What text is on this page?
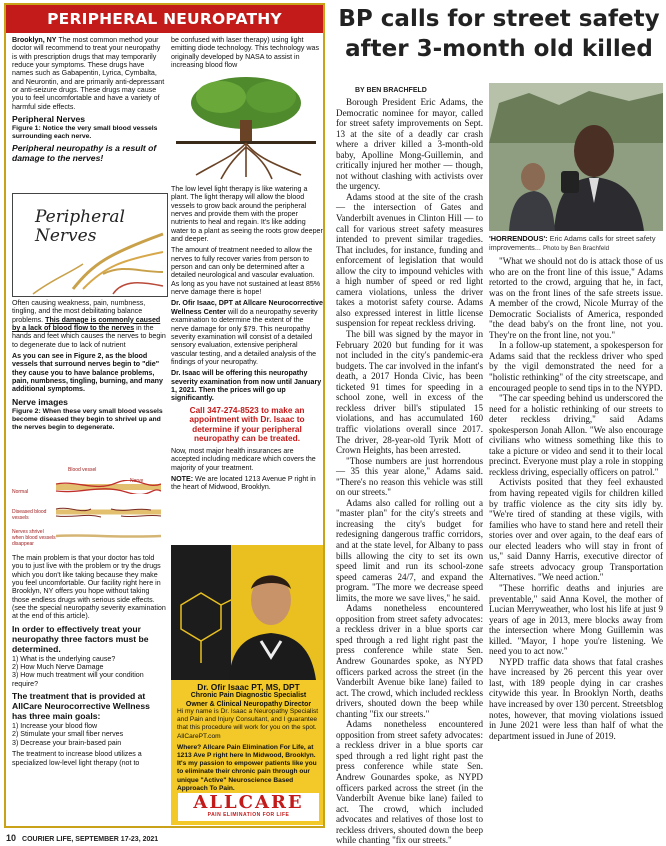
PERIPHERAL NEUROPATHY WARNING!

Brooklyn, NY The most common method your doctor will recommend to treat your neuropathy is with prescription drugs that may temporarily reduce your symptoms. These drugs have names such as Gabapentin, Lyrica, Cymbalta, and Neurontin, and are primarily anti-depressant or anti-seizure drugs. These drugs may cause you to feel uncomfortable and have a variety of harmful side effects.

Peripheral Nerves
Figure 1: Notice the very small blood vessels surrounding each nerve.
Peripheral neuropathy is a result of damage to the nerves!
Peripheral Nerves

Often causing weakness, pain, numbness, tingling, and the most debilitating balance problems. This damage is commonly caused by a lack of blood flow to the nerves in the hands and feet which causes the nerves to begin to degenerate due to lack of nutrient

As you can see in Figure 2, as the blood vessels that surround nerves begin to "die" they cause you to have balance problems, pain, numbness, tingling, burning, and many additional symptoms.

Nerve images
Figure 2: When these very small blood vessels become diseased they begin to shrivel up and the nerves begin to degenerate.
Blood vessel
Nerve
Normal
Diseased blood vessels
Nerves shrivel when blood vessels disappear

The main problem is that your doctor has told you to just live with the problem or try the drugs which you don't like taking because they make you feel uncomfortable. Our facility right here in Brooklyn, NY offers you hope without taking those endless drugs with serious side effects. (see the special neuropathy severity examination at the end of this article).

In order to effectively treat your neuropathy three factors must be determined.
1) What is the underlying cause?
2) How Much Nerve Damage
3) How much treatment will your condition require?
The treatment that is provided at AllCare Neurocorrective Wellness has three main goals:
1) Increase your blood flow
2) Stimulate your small fiber nerves
3) Decrease your brain-based pain

The treatment to increase blood utilizes a specialized low-level light therapy (not to

be confused with laser therapy) using light emitting diode technology. This technology was originally developed by NASA to assist in increasing blood flow

The low level light therapy is like watering a plant. The light therapy will allow the blood vessels to grow back around the peripheral nerves and provide them with the proper nutrients to heal and regain. It's like adding water to a plant as seeing the roots grow deeper and deeper.

The amount of treatment needed to allow the nerves to fully recover varies from person to person and can only be determined after a detailed neurological and vascular evaluation. As long as you have not sustained at least 85% nerve damage there is hope!

Dr. Ofir Isaac, DPT at Allcare Neurocorrective Wellness Center will do a neuropathy severity examination to determine the extent of the nerve damage for only $79. This neuropathy severity examination will consist of a detailed sensory evaluation, extensive peripheral vascular testing, and a detailed analysis of the findings of your neuropathy.

Dr. Isaac will be offering this neuropathy severity examination from now until January 1, 2021. Then the prices will go up significantly.

Call 347-274-8523 to make an appointment with Dr. Isaac to determine if your peripheral neuropathy can be treated.

Now, most major health insurances are accepted including medicare which covers the majority of your treatment.

NOTE: We are located 1213 Avenue P right in the heart of Midwood, Brooklyn.

Dr. Ofir Isaac PT, MS, DPT
Chronic Pain Diagnostic Specialist
Owner & Clinical Neuropathy Director

Hi my name is Dr. Isaac a Neuropathy Specialist and Pain and Injury Consultant, and I guarantee that this procedure will work for you on the spot. AllCarePT.com

Where? Allcare Pain Elimination For Life, at 1213 Ave P right here In Midwood, Brooklyn. It's my passion to empower patients like you to eliminate their chronic pain through our unique "Active" Neuroscience Based Approach To Pain.

ALLCARE
PAIN ELIMINATION FOR LIFE
BP calls for street safety after 3-month old killed
BY BEN BRACHFELD

Borough President Eric Adams, the Democratic nominee for mayor, called for street safety improvements on Sept. 13 at the site of a deadly car crash where a driver killed a 3-month-old baby, Apolline Mong-Guillemin, and critically injured her mother — though, not without clashing with activists over the urgency.

Adams stood at the site of the crash — the intersection of Gates and Vanderbilt avenues in Clinton Hill — to call for various street safety measures intended to prevent similar tragedies. That includes, for instance, funding and enforcement of legislation that would allow the city to impound vehicles with a high number of speed or red light camera violations, unless the driver takes a motorist safety course. Adams also expressed interest in little license suspension for repeat reckless driving.

The bill was signed by the mayor in February 2020 but funding for it was not included in the city's pandemic-era budgets. The car involved in the infant's death, a 2017 Honda Civic, has been ticketed 91 times for speeding in a school zone, well in excess of the reckless driver bill's stipulated 15 violations, and has accumulated 160 traffic violations overall since 2017. The driver, 28-year-old Tyrik Mott of Crown Heights, has been arrested.

"Those numbers are just horrendous — 35 this year alone," Adams said. "There's no reason this vehicle was still on our streets."

Adams also called for rolling out a "master plan" for the city's streets and increasing the city's budget for redesigning dangerous traffic corridors, and at the state level, for Albany to pass bills allowing the city to set its own speed limit and run its school-zone speed cameras 24/7, and expand the program. "The more we decrease speed limits, the more we save lives," he said.

Adams nonetheless encountered opposition from street safety advocates: a reckless driver in a blue sports car sped through a red light right past the press conference while state Sen. Andrew Gounardes spoke, as NYPD officers parked across the street (in the Vanderbilt Avenue bike lane) failed to act. The crowd, which included reckless drivers, shouted down the beep while chanting "fix our streets."

Adams nonetheless encountered opposition from street safety advocates: a reckless driver in a blue sports car sped through a red light right past the press conference while state Sen. Andrew Gounardes spoke, as NYPD officers parked across the street (in the Vanderbilt Avenue bike lane) failed to act. The crowd, which included advocates and relatives of those lost to reckless drivers, shouted down the beep while chanting "fix our streets."

'HORRENDOUS': Eric Adams calls for street safety improvements... Photo by Ben Brachfeld

"What we should not do is attack those of us who are on the front line of this issue," Adams retorted to the crowd, arguing that he, in fact, was on the front lines of the safe streets issue. A member of the crowd, Nicole Murray of the Democratic Socialists of America, responded "the dead baby's on the front line, not you. They're on the front line, not you."

In a follow-up statement, a spokesperson for Adams said that the reckless driver who sped by the vigil demonstrated the need for a "holistic rethinking" of the city streetscape, and encouraged people to send tips in to the NYPD.

"The car speeding behind us underscored the need for a holistic rethinking of our streets to deter reckless driving," said Adams spokesperson Jonah Allon. "We also encourage civilians who witness something like this to take a picture or video and send it to their local precinct. Everyone must play a role in stopping reckless driving, especially officers on patrol."

Activists posited that they feel exhausted from having repeated vigils for children killed by traffic violence as the city sits idly by. "We're tired of standing at these vigils, with families who have to stand here and retell their stories over and over again, to the deaf ears of our elected leaders who will stay in front of us," said Danny Harris, executive director of safe streets advocacy group Transportation Alternatives. "We need action."

"These horrific deaths and injuries are preventable," said Anna Kovel, the mother of Lucian Merryweather, who lost his life at just 9 years of age in 2013, mere blocks away from the intersection where Mong Guillemin was killed. "Mayor, I hope you're listening. We need you to act now."

NYPD traffic data shows that fatal crashes have increased by 26 percent this year over last, with 189 people dying in car crashes citywide this year. In Brooklyn North, deaths have increased by over 130 percent. Streetsblog notes, however, that moving violations issued in June 2021 were less than half of what the department issued in June of 2019.

10 COURIER LIFE, SEPTEMBER 17-23, 2021
